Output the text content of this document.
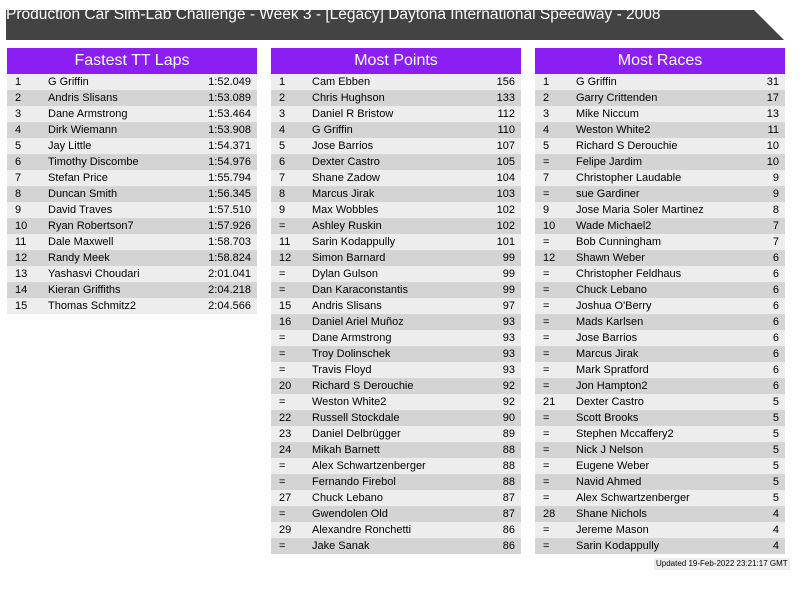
Production Car Sim-Lab Challenge - Week 3 - [Legacy] Daytona International Speedway - 2008
Fastest TT Laps
1 G Griffin	1:52.049
2 Andris Slisans	1:53.089
3 Dane Armstrong	1:53.464
4 Dirk Wiemann	1:53.908
5 Jay Little	1:54.371
6 Timothy Discombe	1:54.976
7 Stefan Price	1:55.794
8 Duncan Smith	1:56.345
9 David Traves	1:57.510
10 Ryan Robertson7	1:57.926
11 Dale Maxwell	1:58.703
12 Randy Meek	1:58.824
13 Yashasvi Choudari	2:01.041
14 Kieran Griffiths	2:04.218
15 Thomas Schmitz2	2:04.566
Most Points
1 Cam Ebben	156
2 Chris Hughson	133
3 Daniel R Bristow	112
4 G Griffin	110
5 Jose Barrios	107
6 Dexter Castro	105
7 Shane Zadow	104
8 Marcus Jirak	103
9 Max Wobbles	102
= Ashley Ruskin	102
11 Sarin Kodappully	101
12 Simon Barnard	99
= Dylan Gulson	99
= Dan Karaconstantis	99
15 Andris Slisans	97
16 Daniel Ariel Muñoz	93
= Dane Armstrong	93
= Troy Dolinschek	93
= Travis Floyd	93
20 Richard S Derouchie	92
= Weston White2	92
22 Russell Stockdale	90
23 Daniel Delbrügger	89
24 Mikah Barnett	88
= Alex Schwartzenberger	88
= Fernando Firebol	88
27 Chuck Lebano	87
= Gwendolen Old	87
29 Alexandre Ronchetti	86
= Jake Sanak	86
Most Races
1 G Griffin	31
2 Garry Crittenden	17
3 Mike Niccum	13
4 Weston White2	11
5 Richard S Derouchie	10
= Felipe Jardim	10
7 Christopher Laudable	9
= sue Gardiner	9
9 Jose Maria Soler Martinez	8
10 Wade Michael2	7
= Bob Cunningham	7
12 Shawn Weber	6
= Christopher Feldhaus	6
= Chuck Lebano	6
= Joshua O'Berry	6
= Mads Karlsen	6
= Jose Barrios	6
= Marcus Jirak	6
= Mark Spratford	6
= Jon Hampton2	6
21 Dexter Castro	5
= Scott Brooks	5
= Stephen Mccaffery2	5
= Nick J Nelson	5
= Eugene Weber	5
= Navid Ahmed	5
= Alex Schwartzenberger	5
28 Shane Nichols	4
= Jereme Mason	4
= Sarin Kodappully	4
Updated 19-Feb-2022 23:21:17 GMT
